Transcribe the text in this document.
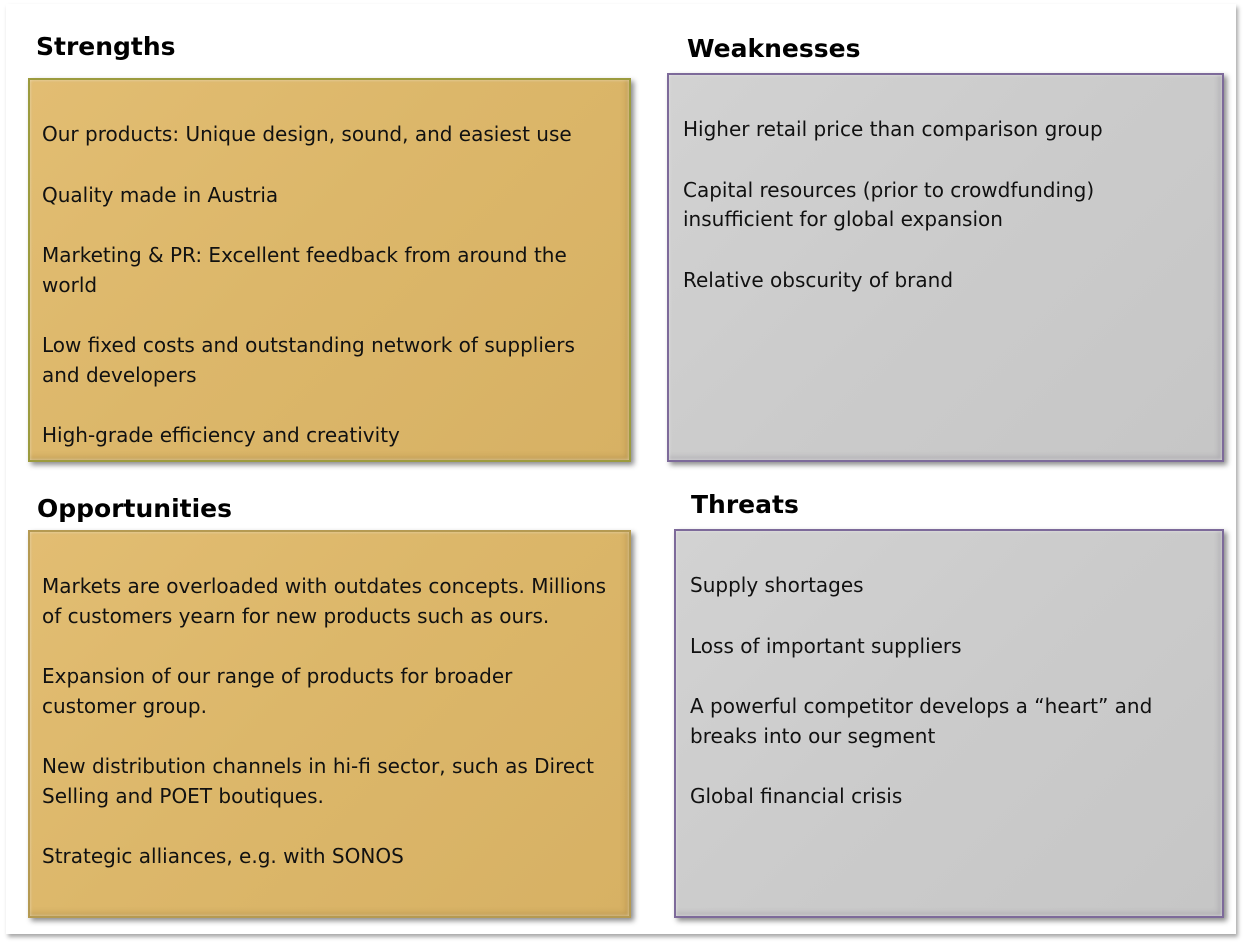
Strengths
Our products: Unique design, sound, and easiest use
Quality made in Austria
Marketing & PR: Excellent feedback from around the world
Low fixed costs and outstanding network of suppliers and developers
High-grade efficiency and creativity
Weaknesses
Higher retail price than comparison group
Capital resources (prior to crowdfunding) insufficient for global expansion
Relative obscurity of brand
Opportunities
Markets are overloaded with outdates concepts. Millions of customers yearn for new products such as ours.
Expansion of our range of products for broader customer group.
New distribution channels in hi-fi sector, such as Direct Selling and POET boutiques.
Strategic alliances, e.g. with SONOS
Threats
Supply shortages
Loss of important suppliers
A powerful competitor develops a “heart” and breaks into our segment
Global financial crisis
